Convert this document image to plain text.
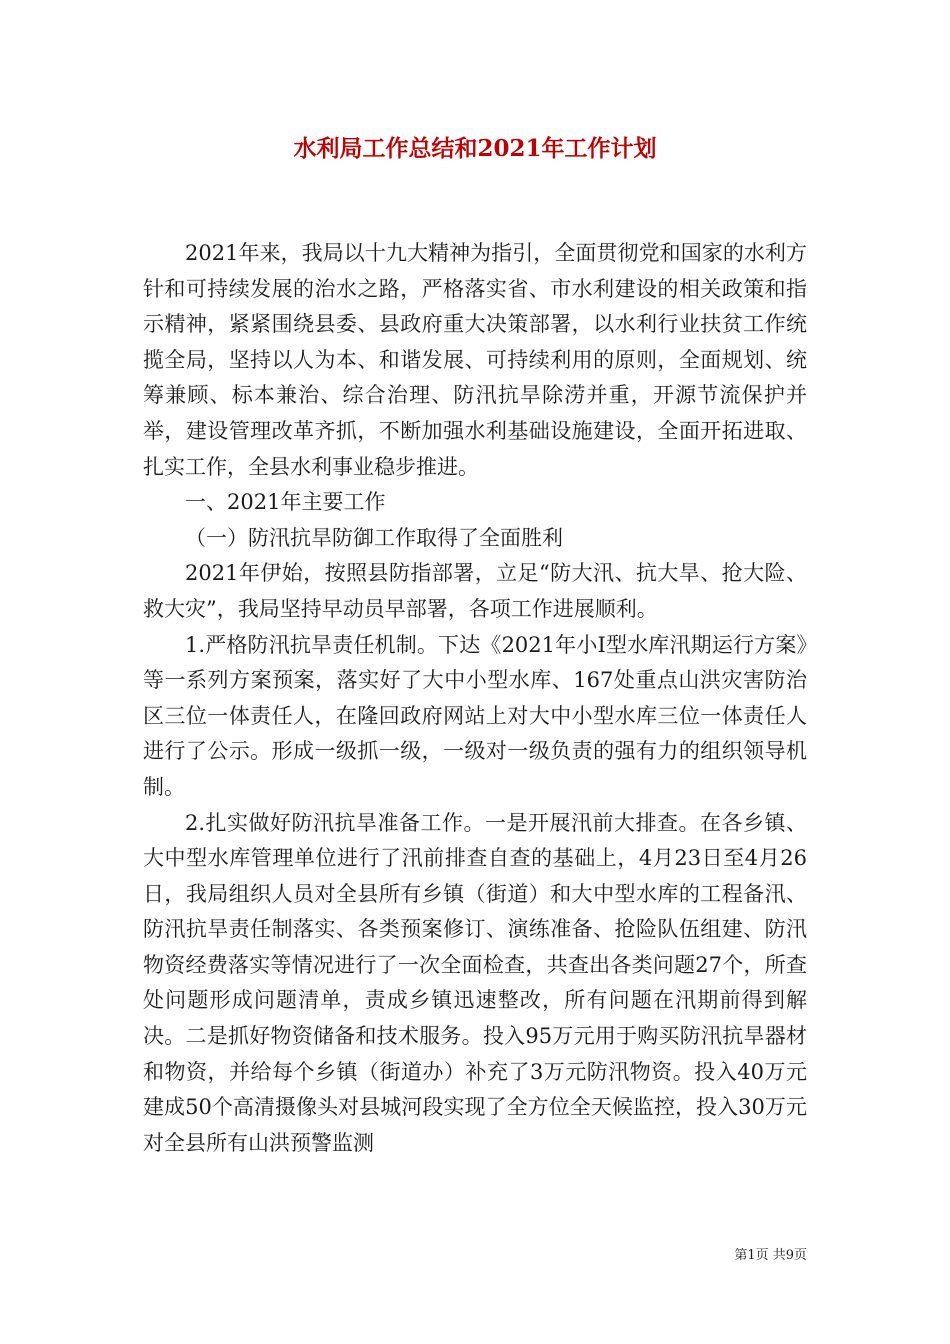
水利局工作总结和2021年工作计划

2021年来，我局以十九大精神为指引，全面贯彻党和国家的水利方针和可持续发展的治水之路，严格落实省、市水利建设的相关政策和指示精神，紧紧围绕县委、县政府重大决策部署，以水利行业扶贫工作统揽全局，坚持以人为本、和谐发展、可持续利用的原则，全面规划、统筹兼顾、标本兼治、综合治理、防汛抗旱除涝并重，开源节流保护并举，建设管理改革齐抓，不断加强水利基础设施建设，全面开拓进取、扎实工作，全县水利事业稳步推进。

一、2021年主要工作

（一）防汛抗旱防御工作取得了全面胜利

2021年伊始，按照县防指部署，立足“防大汛、抗大旱、抢大险、救大灾”，我局坚持早动员早部署，各项工作进展顺利。

1.严格防汛抗旱责任机制。下达《2021年小Ⅰ型水库汛期运行方案》等一系列方案预案，落实好了大中小型水库、167处重点山洪灾害防治区三位一体责任人，在隆回政府网站上对大中小型水库三位一体责任人进行了公示。形成一级抓一级，一级对一级负责的强有力的组织领导机制。

2.扎实做好防汛抗旱准备工作。一是开展汛前大排查。在各乡镇、大中型水库管理单位进行了汛前排查自查的基础上，4月23日至4月26日，我局组织人员对全县所有乡镇（街道）和大中型水库的工程备汛、防汛抗旱责任制落实、各类预案修订、演练准备、抢险队伍组建、防汛物资经费落实等情况进行了一次全面检查，共查出各类问题27个，所查处问题形成问题清单，责成乡镇迅速整改，所有问题在汛期前得到解决。二是抓好物资储备和技术服务。投入95万元用于购买防汛抗旱器材和物资，并给每个乡镇（街道办）补充了3万元防汛物资。投入40万元建成50个高清摄像头对县城河段实现了全方位全天候监控，投入30万元对全县所有山洪预警监测

第1页 共9页
